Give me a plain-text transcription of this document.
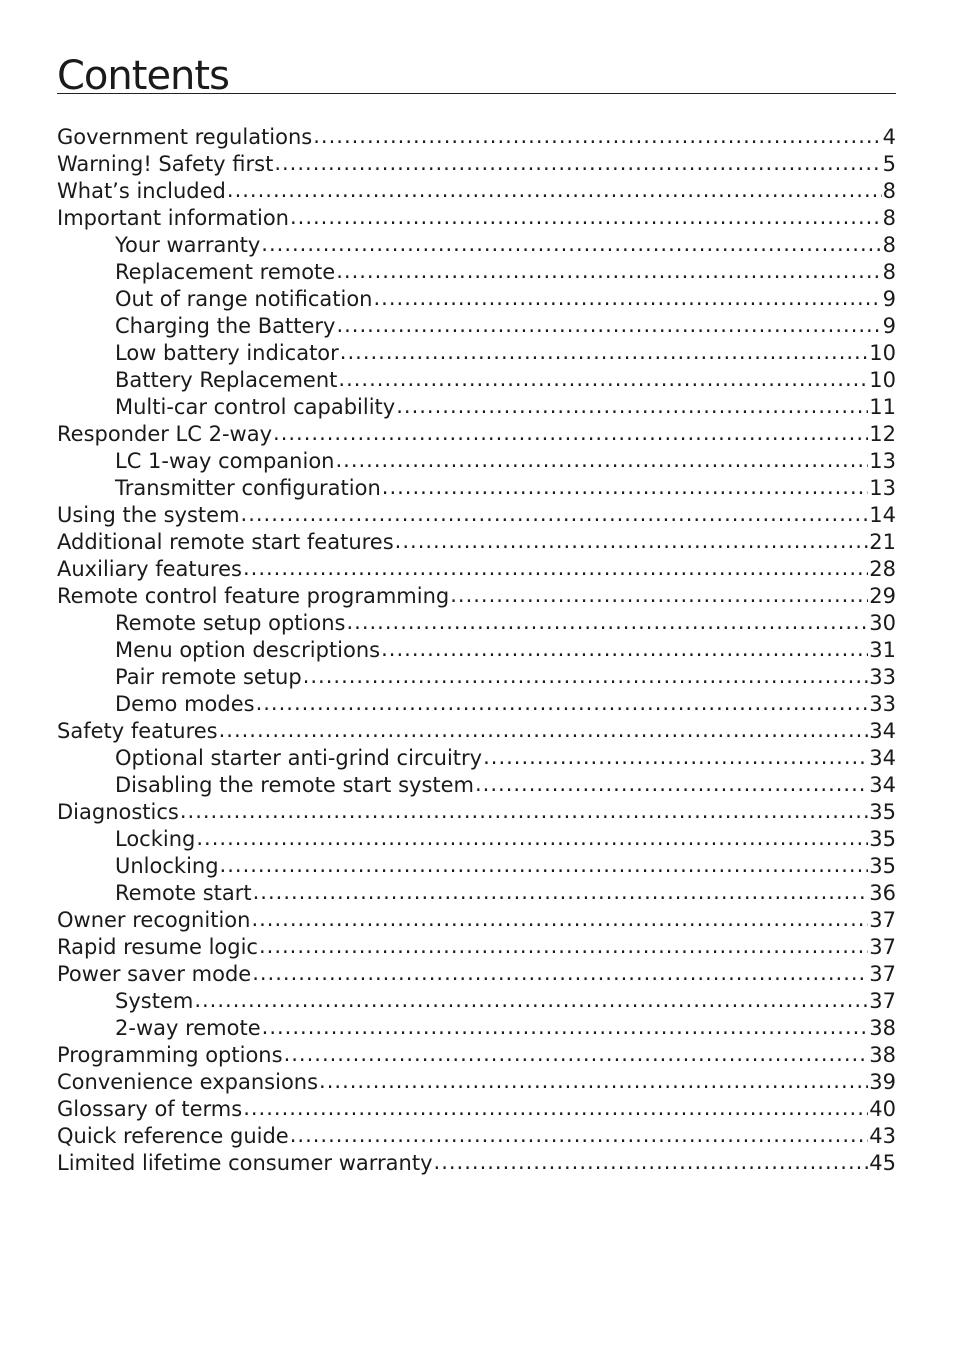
Contents
Government regulations .....	4
Warning! Safety first .....	5
What’s included .....	8
Important information .....	8
Your warranty .....	8
Replacement remote .....	8
Out of range notification .....	9
Charging the Battery .....	9
Low battery indicator .....	10
Battery Replacement .....	10
Multi-car control capability .....	11
Responder LC 2-way .....	12
LC 1-way companion .....	13
Transmitter configuration .....	13
Using the system .....	14
Additional remote start features .....	21
Auxiliary features .....	28
Remote control feature programming .....	29
Remote setup options .....	30
Menu option descriptions .....	31
Pair remote setup .....	33
Demo modes .....	33
Safety features .....	34
Optional starter anti-grind circuitry .....	34
Disabling the remote start system .....	34
Diagnostics .....	35
Locking .....	35
Unlocking .....	35
Remote start .....	36
Owner recognition .....	37
Rapid resume logic .....	37
Power saver mode .....	37
System .....	37
2-way remote .....	38
Programming options .....	38
Convenience expansions .....	39
Glossary of terms .....	40
Quick reference guide .....	43
Limited lifetime consumer warranty .....	45
